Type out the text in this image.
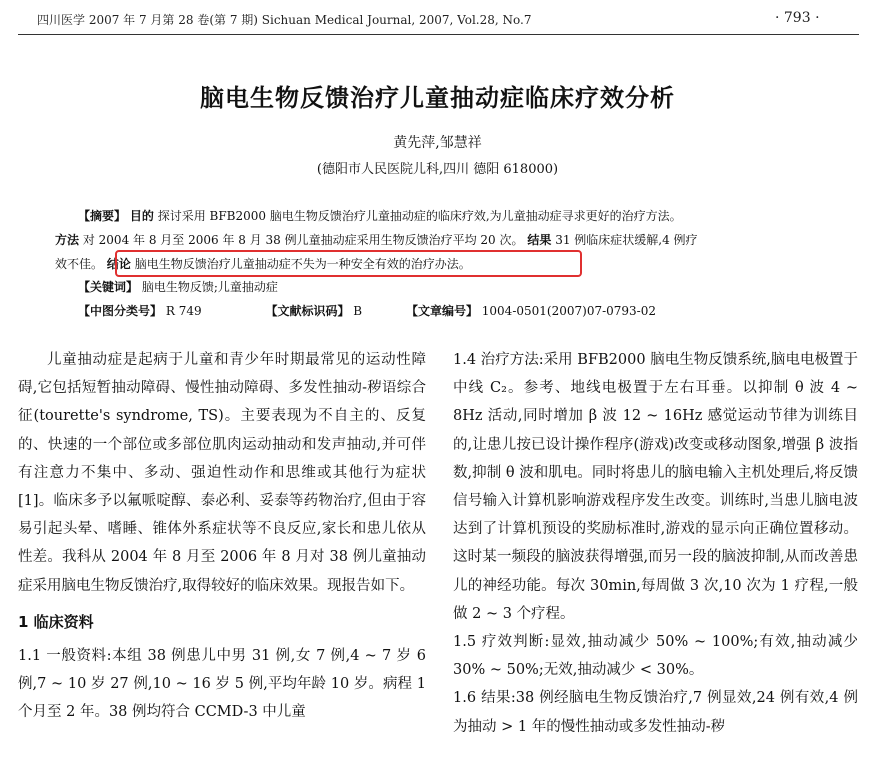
四川医学 2007 年 7 月第 28 卷(第 7 期) Sichuan Medical Journal, 2007, Vol.28, No.7	· 793 ·
脑电生物反馈治疗儿童抽动症临床疗效分析
黄先萍,邹慧祥
(德阳市人民医院儿科,四川 德阳 618000)
【摘要】 目的 探讨采用 BFB2000 脑电生物反馈治疗儿童抽动症的临床疗效,为儿童抽动症寻求更好的治疗方法。
方法 对 2004 年 8 月至 2006 年 8 月 38 例儿童抽动症采用生物反馈治疗平均 20 次。 结果 31 例临床症状缓解,4 例疗
效不佳。 结论 脑电生物反馈治疗儿童抽动症不失为一种安全有效的治疗办法。
【关键词】 脑电生物反馈;儿童抽动症
【中图分类号】 R 749	【文献标识码】 B	【文章编号】 1004-0501(2007)07-0793-02

儿童抽动症是起病于儿童和青少年时期最常见的运动性障碍,它包括短暂抽动障碍、慢性抽动障碍、多发性抽动-秽语综合征(tourette's syndrome, TS)。主要表现为不自主的、反复的、快速的一个部位或多部位肌肉运动抽动和发声抽动,并可伴有注意力不集中、多动、强迫性动作和思维或其他行为症状[1]。临床多予以氟哌啶醇、泰必利、妥泰等药物治疗,但由于容易引起头晕、嗜睡、锥体外系症状等不良反应,家长和患儿依从性差。我科从 2004 年 8 月至 2006 年 8 月对 38 例儿童抽动症采用脑电生物反馈治疗,取得较好的临床效果。现报告如下。

1 临床资料

1.1 一般资料:本组 38 例患儿中男 31 例,女 7 例,4 ~ 7 岁 6 例,7 ~ 10 岁 27 例,10 ~ 16 岁 5 例,平均年龄 10 岁。病程 1 个月至 2 年。38 例均符合 CCMD-3 中儿童

1.4 治疗方法:采用 BFB2000 脑电生物反馈系统,脑电电极置于中线 C₂。参考、地线电极置于左右耳垂。以抑制 θ 波 4 ~ 8Hz 活动,同时增加 β 波 12 ~ 16Hz 感觉运动节律为训练目的,让患儿按已设计操作程序(游戏)改变或移动图象,增强 β 波指数,抑制 θ 波和肌电。同时将患儿的脑电输入主机处理后,将反馈信号输入计算机影响游戏程序发生改变。训练时,当患儿脑电波达到了计算机预设的奖励标准时,游戏的显示向正确位置移动。这时某一频段的脑波获得增强,而另一段的脑波抑制,从而改善患儿的神经功能。每次 30min,每周做 3 次,10 次为 1 疗程,一般做 2 ~ 3 个疗程。

1.5 疗效判断:显效,抽动减少 50% ~ 100%;有效,抽动减少 30% ~ 50%;无效,抽动减少 < 30%。

1.6 结果:38 例经脑电生物反馈治疗,7 例显效,24 例有效,4 例为抽动 > 1 年的慢性抽动或多发性抽动-秽
